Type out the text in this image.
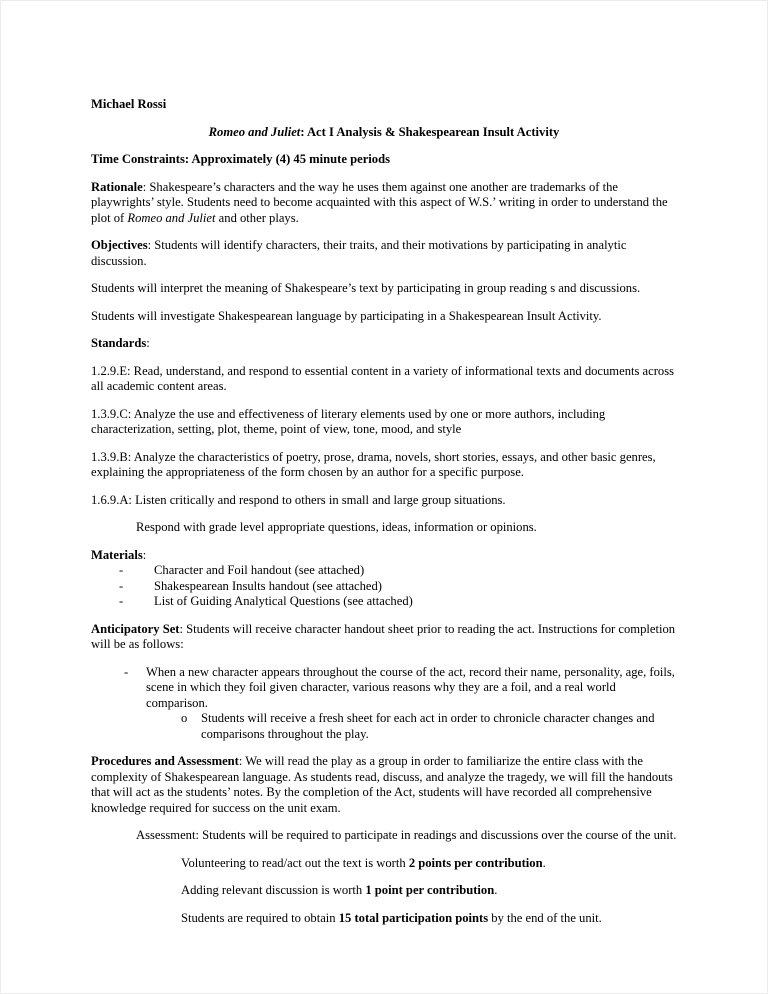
Michael Rossi

Romeo and Juliet: Act I Analysis & Shakespearean Insult Activity

Time Constraints: Approximately (4) 45 minute periods

Rationale: Shakespeare’s characters and the way he uses them against one another are trademarks of the playwrights’ style. Students need to become acquainted with this aspect of W.S.’ writing in order to understand the plot of Romeo and Juliet and other plays.

Objectives: Students will identify characters, their traits, and their motivations by participating in analytic discussion.

Students will interpret the meaning of Shakespeare’s text by participating in group reading s and discussions.

Students will investigate Shakespearean language by participating in a Shakespearean Insult Activity.

Standards:

1.2.9.E: Read, understand, and respond to essential content in a variety of informational texts and documents across all academic content areas.

1.3.9.C: Analyze the use and effectiveness of literary elements used by one or more authors, including characterization, setting, plot, theme, point of view, tone, mood, and style

1.3.9.B: Analyze the characteristics of poetry, prose, drama, novels, short stories, essays, and other basic genres, explaining the appropriateness of the form chosen by an author for a specific purpose.

1.6.9.A: Listen critically and respond to others in small and large group situations.

Respond with grade level appropriate questions, ideas, information or opinions.

Materials:

-	Character and Foil handout (see attached)
-	Shakespearean Insults handout (see attached)
-	List of Guiding Analytical Questions (see attached)

Anticipatory Set: Students will receive character handout sheet prior to reading the act. Instructions for completion will be as follows:

-	When a new character appears throughout the course of the act, record their name, personality, age, foils, scene in which they foil given character, various reasons why they are a foil, and a real world comparison.
o	Students will receive a fresh sheet for each act in order to chronicle character changes and comparisons throughout the play.

Procedures and Assessment: We will read the play as a group in order to familiarize the entire class with the complexity of Shakespearean language. As students read, discuss, and analyze the tragedy, we will fill the handouts that will act as the students’ notes. By the completion of the Act, students will have recorded all comprehensive knowledge required for success on the unit exam.

Assessment: Students will be required to participate in readings and discussions over the course of the unit.

Volunteering to read/act out the text is worth 2 points per contribution.

Adding relevant discussion is worth 1 point per contribution.

Students are required to obtain 15 total participation points by the end of the unit.
